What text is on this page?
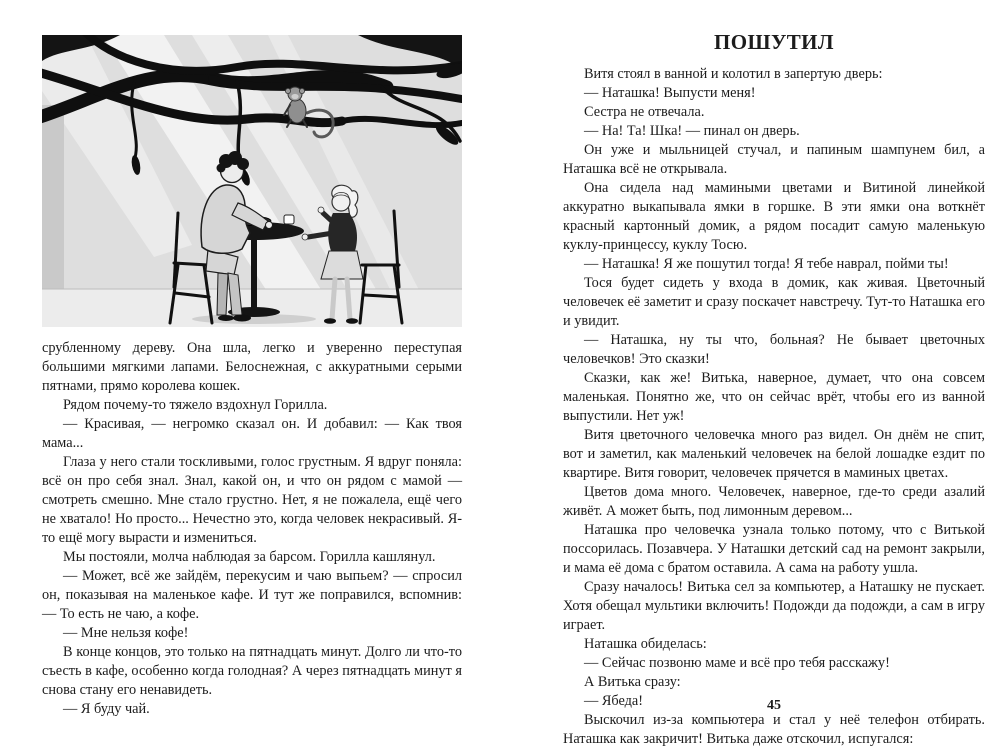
срубленному дереву. Она шла, легко и уверенно переступая большими мягкими лапами. Белоснежная, с аккуратными серыми пятнами, прямо королева кошек.

Рядом почему-то тяжело вздохнул Горилла.

— Красивая, — негромко сказал он. И добавил: — Как твоя мама...

Глаза у него стали тоскливыми, голос грустным. Я вдруг поняла: всё он про себя знал. Знал, какой он, и что он рядом с мамой — смотреть смешно. Мне стало грустно. Нет, я не пожалела, ещё чего не хватало! Но просто... Нечестно это, когда человек некрасивый. Я-то ещё могу вырасти и измениться.

Мы постояли, молча наблюдая за барсом. Горилла кашлянул.

— Может, всё же зайдём, перекусим и чаю выпьем? — спросил он, показывая на маленькое кафе. И тут же поправился, вспомнив: — То есть не чаю, а кофе.

— Мне нельзя кофе!

В конце концов, это только на пятнадцать минут. Долго ли что-то съесть в кафе, особенно когда голодная? А через пятнадцать минут я снова стану его ненавидеть.

— Я буду чай.

ПОШУТИЛ

Витя стоял в ванной и колотил в запертую дверь:

— Наташка! Выпусти меня!

Сестра не отвечала.

— На! Та! Шка! — пинал он дверь.

Он уже и мыльницей стучал, и папиным шампунем бил, а Наташка всё не открывала.

Она сидела над мамиными цветами и Витиной линейкой аккуратно выкапывала ямки в горшке. В эти ямки она воткнёт красный картонный домик, а рядом посадит самую маленькую куклу-принцессу, куклу Тосю.

— Наташка! Я же пошутил тогда! Я тебе наврал, пойми ты!

Тося будет сидеть у входа в домик, как живая. Цветочный человечек её заметит и сразу поскачет навстречу. Тут-то Наташка его и увидит.

— Наташка, ну ты что, больная? Не бывает цветочных человечков! Это сказки!

Сказки, как же! Витька, наверное, думает, что она совсем маленькая. Понятно же, что он сейчас врёт, чтобы его из ванной выпустили. Нет уж!

Витя цветочного человечка много раз видел. Он днём не спит, вот и заметил, как маленький человечек на белой лошадке ездит по квартире. Витя говорит, человечек прячется в маминых цветах.

Цветов дома много. Человечек, наверное, где-то среди азалий живёт. А может быть, под лимонным деревом...

Наташка про человечка узнала только потому, что с Витькой поссорилась. Позавчера. У Наташки детский сад на ремонт закрыли, и мама её дома с братом оставила. А сама на работу ушла.

Сразу началось! Витька сел за компьютер, а Наташку не пускает. Хотя обещал мультики включить! Подожди да подожди, а сам в игру играет.

Наташка обиделась:

— Сейчас позвоню маме и всё про тебя расскажу!

А Витька сразу:

— Ябеда!

Выскочил из-за компьютера и стал у неё телефон отбирать. Наташка как закричит! Витька даже отскочил, испугался:

45
